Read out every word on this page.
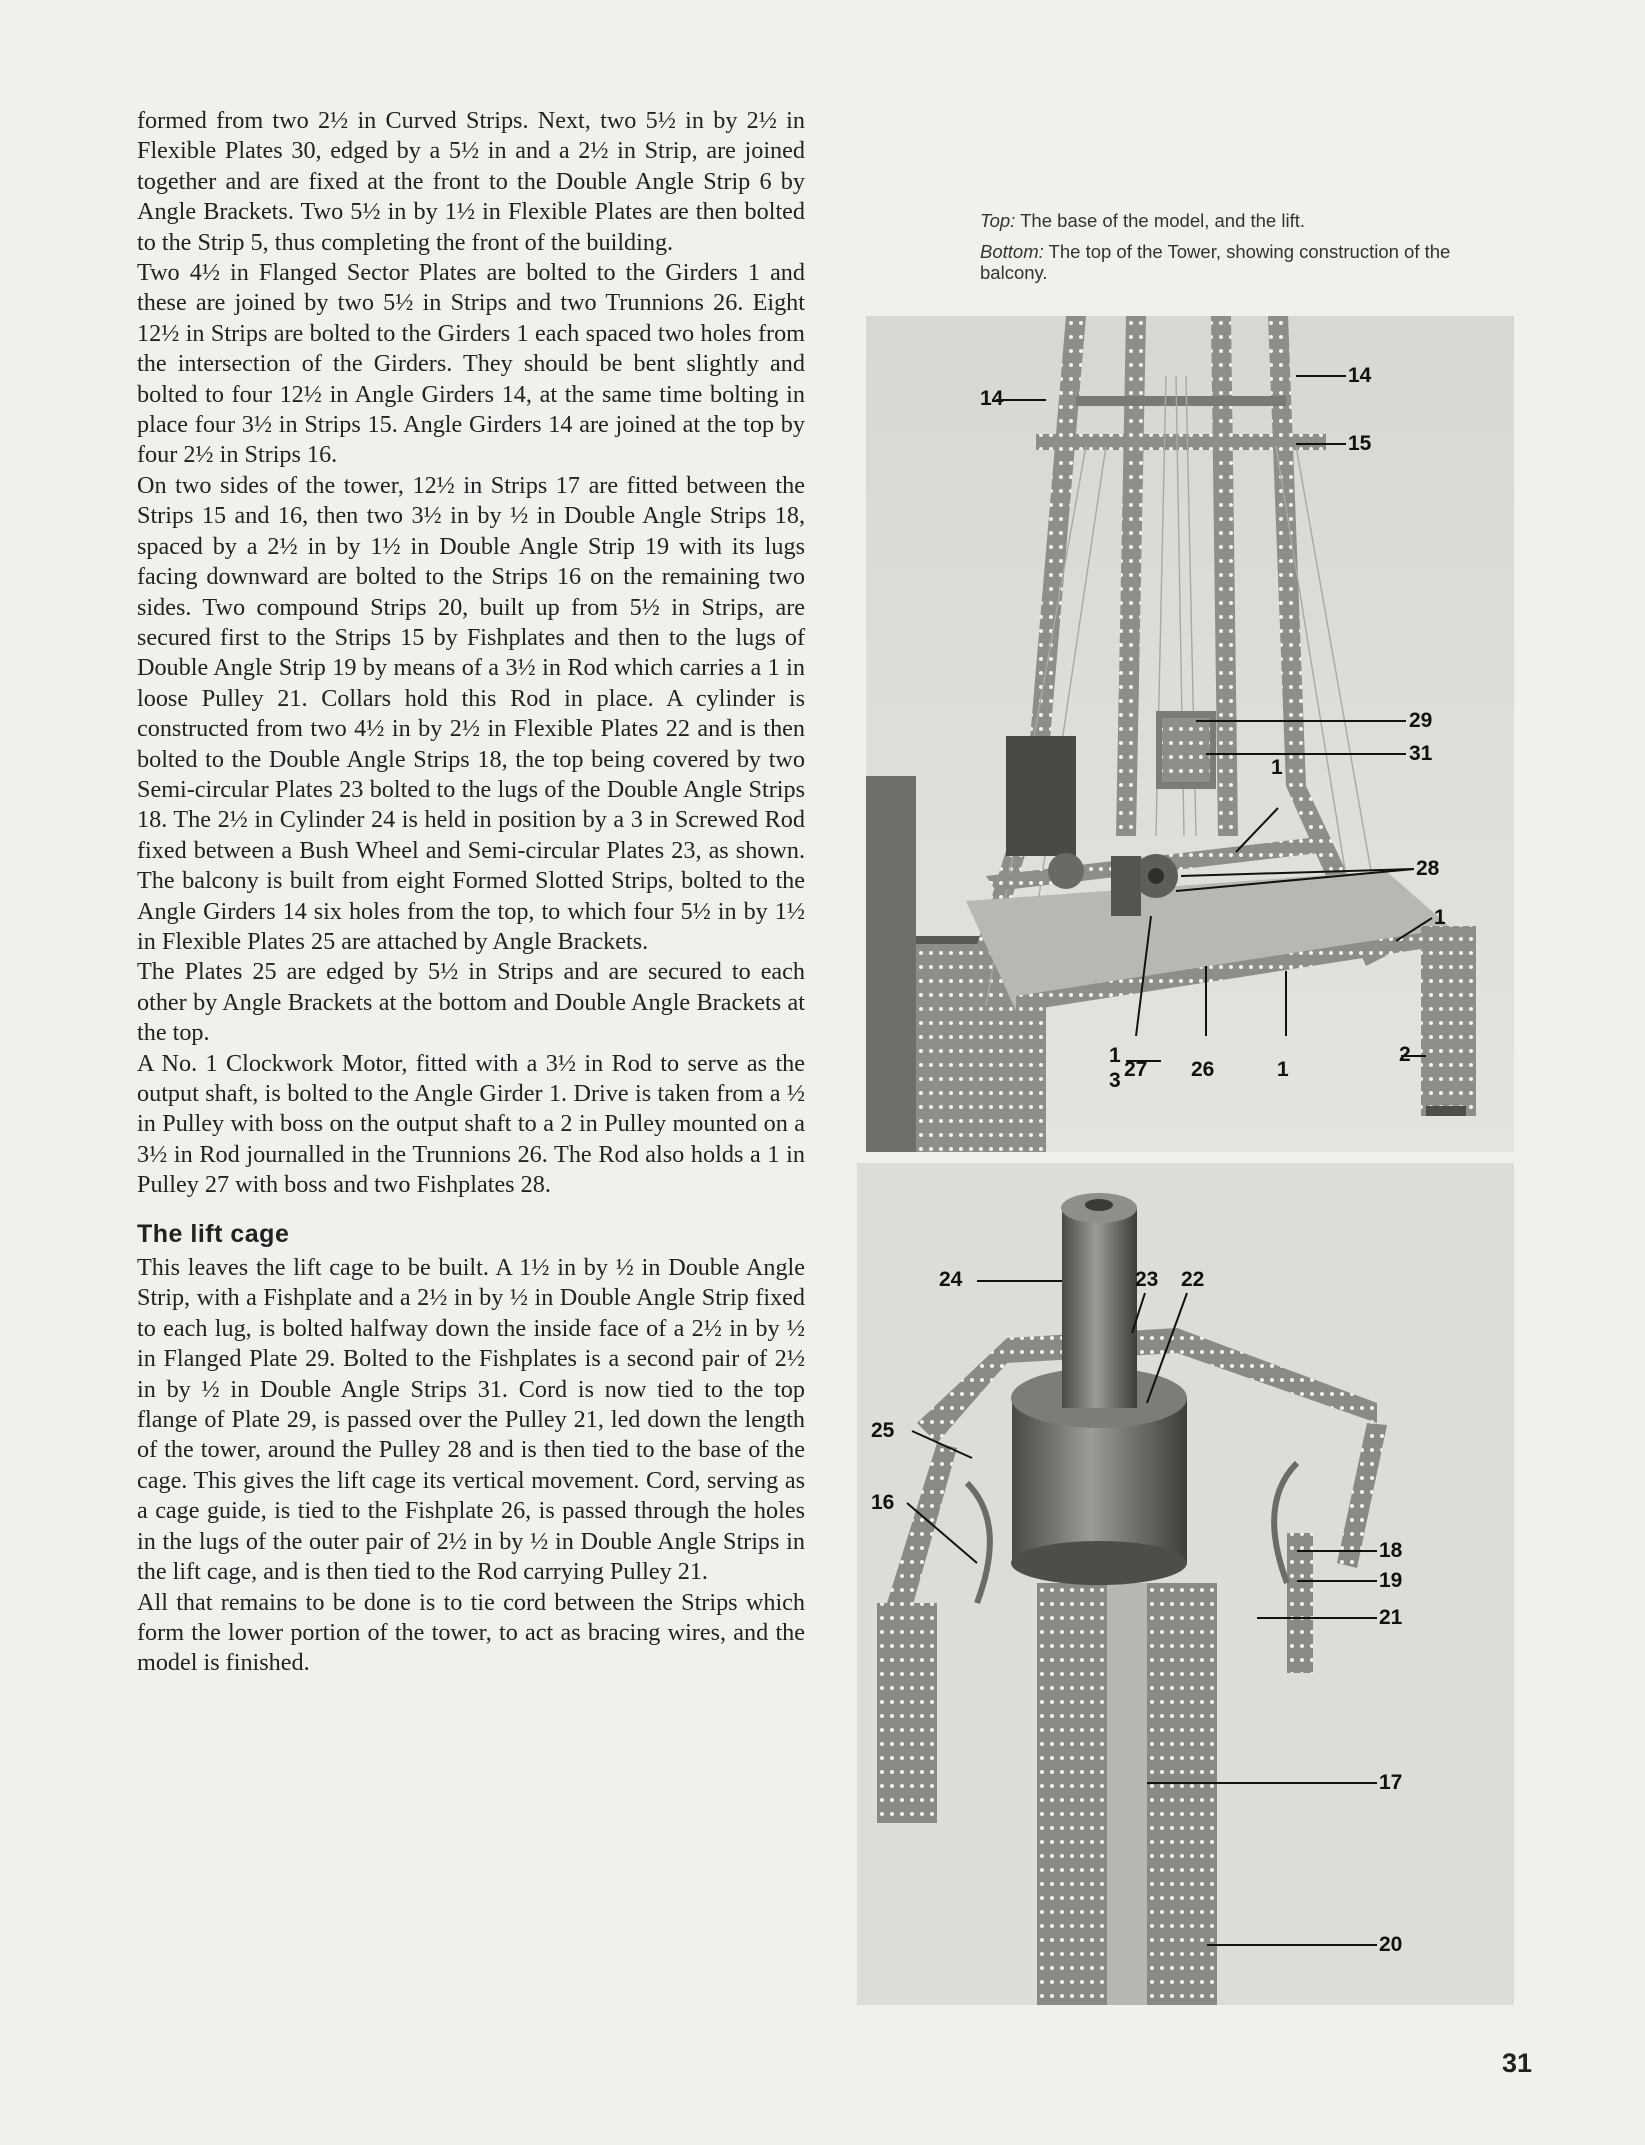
formed from two 2½ in Curved Strips. Next, two 5½ in by 2½ in Flexible Plates 30, edged by a 5½ in and a 2½ in Strip, are joined together and are fixed at the front to the Double Angle Strip 6 by Angle Brackets. Two 5½ in by 1½ in Flexible Plates are then bolted to the Strip 5, thus completing the front of the building.

Two 4½ in Flanged Sector Plates are bolted to the Girders 1 and these are joined by two 5½ in Strips and two Trunnions 26. Eight 12½ in Strips are bolted to the Girders 1 each spaced two holes from the intersection of the Girders. They should be bent slightly and bolted to four 12½ in Angle Girders 14, at the same time bolting in place four 3½ in Strips 15. Angle Girders 14 are joined at the top by four 2½ in Strips 16.

On two sides of the tower, 12½ in Strips 17 are fitted between the Strips 15 and 16, then two 3½ in by ½ in Double Angle Strips 18, spaced by a 2½ in by 1½ in Double Angle Strip 19 with its lugs facing downward are bolted to the Strips 16 on the remaining two sides. Two compound Strips 20, built up from 5½ in Strips, are secured first to the Strips 15 by Fishplates and then to the lugs of Double Angle Strip 19 by means of a 3½ in Rod which carries a 1 in loose Pulley 21. Collars hold this Rod in place. A cylinder is constructed from two 4½ in by 2½ in Flexible Plates 22 and is then bolted to the Double Angle Strips 18, the top being covered by two Semi-circular Plates 23 bolted to the lugs of the Double Angle Strips 18. The 2½ in Cylinder 24 is held in position by a 3 in Screwed Rod fixed between a Bush Wheel and Semi-circular Plates 23, as shown. The balcony is built from eight Formed Slotted Strips, bolted to the Angle Girders 14 six holes from the top, to which four 5½ in by 1½ in Flexible Plates 25 are attached by Angle Brackets.

The Plates 25 are edged by 5½ in Strips and are secured to each other by Angle Brackets at the bottom and Double Angle Brackets at the top.

A No. 1 Clockwork Motor, fitted with a 3½ in Rod to serve as the output shaft, is bolted to the Angle Girder 1. Drive is taken from a ½ in Pulley with boss on the output shaft to a 2 in Pulley mounted on a 3½ in Rod journalled in the Trunnions 26. The Rod also holds a 1 in Pulley 27 with boss and two Fishplates 28.

The lift cage

This leaves the lift cage to be built. A 1½ in by ½ in Double Angle Strip, with a Fishplate and a 2½ in by ½ in Double Angle Strip fixed to each lug, is bolted halfway down the inside face of a 2½ in by ½ in Flanged Plate 29. Bolted to the Fishplates is a second pair of 2½ in by ½ in Double Angle Strips 31. Cord is now tied to the top flange of Plate 29, is passed over the Pulley 21, led down the length of the tower, around the Pulley 28 and is then tied to the base of the cage. This gives the lift cage its vertical movement. Cord, serving as a cage guide, is tied to the Fishplate 26, is passed through the holes in the lugs of the outer pair of 2½ in by ½ in Double Angle Strips in the lift cage, and is then tied to the Rod carrying Pulley 21.

All that remains to be done is to tie cord between the Strips which form the lower portion of the tower, to act as bracing wires, and the model is finished.

Top: The base of the model, and the lift.

Bottom: The top of the Tower, showing construction of the balcony.

14
14
15
29
31
1
28
1
1
3 27 26	1
2
24	23 22
25
16
18
19
21
17
20
31
